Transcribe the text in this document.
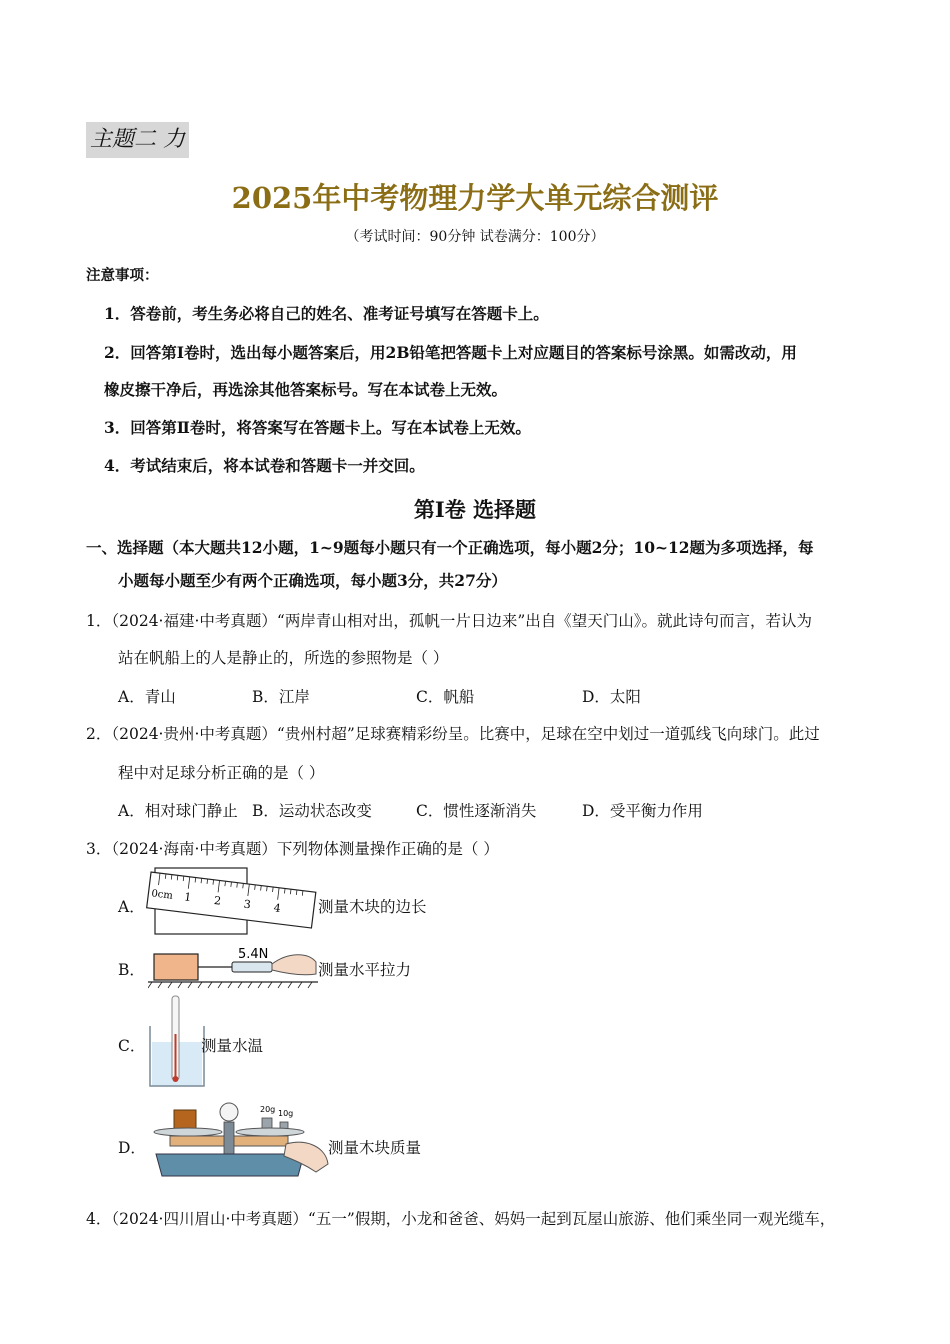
主题二 力
2025年中考物理力学大单元综合测评
（考试时间：90分钟 试卷满分：100分）
注意事项：
1．答卷前，考生务必将自己的姓名、准考证号填写在答题卡上。
2．回答第Ⅰ卷时，选出每小题答案后，用2B铅笔把答题卡上对应题目的答案标号涂黑。如需改动，用
橡皮擦干净后，再选涂其他答案标号。写在本试卷上无效。
3．回答第Ⅱ卷时，将答案写在答题卡上。写在本试卷上无效。
4．考试结束后，将本试卷和答题卡一并交回。
第Ⅰ卷 选择题
一、选择题（本大题共12小题，1~9题每小题只有一个正确选项，每小题2分；10~12题为多项选择，每
小题每小题至少有两个正确选项，每小题3分，共27分）
1．（2024·福建·中考真题）“两岸青山相对出，孤帆一片日边来”出自《望天门山》。就此诗句而言，若认为
站在帆船上的人是静止的，所选的参照物是（ ）
A．青山	B．江岸	C．帆船	D．太阳
2．（2024·贵州·中考真题）“贵州村超”足球赛精彩纷呈。比赛中，足球在空中划过一道弧线飞向球门。此过
程中对足球分析正确的是（ ）
A．相对球门静止 B．运动状态改变	C．惯性逐渐消失	D．受平衡力作用
3．（2024·海南·中考真题）下列物体测量操作正确的是（ ）
A．
0cm 1 2 3 4 测量木块的边长
B．
5.4N
测量水平拉力
C．	测量水温
D．
20g 10g
测量木块质量
4．（2024·四川眉山·中考真题）“五一”假期，小龙和爸爸、妈妈一起到瓦屋山旅游、他们乘坐同一观光缆车，
